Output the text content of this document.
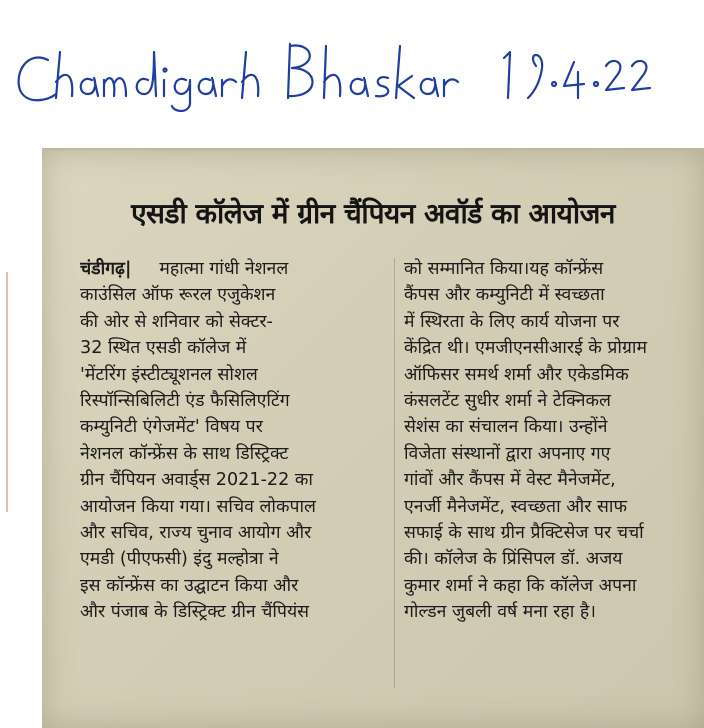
एसडी कॉलेज में ग्रीन चैंपियन अवॉर्ड का आयोजन
चंडीगढ़| महात्मा गांधी नेशनल
काउंसिल ऑफ रूरल एजुकेशन
की ओर से शनिवार को सेक्टर-
32 स्थित एसडी कॉलेज में
'मेंटरिंग इंस्टीट्यूशनल सोशल
रिस्पॉन्सिबिलिटी एंड फैसिलिएटिंग
कम्युनिटी एंगेजमेंट' विषय पर
नेशनल कॉन्फ्रेंस के साथ डिस्ट्रिक्ट
ग्रीन चैंपियन अवार्ड्स 2021-22 का
आयोजन किया गया। सचिव लोकपाल
और सचिव, राज्य चुनाव आयोग और
एमडी (पीएफसी) इंदु मल्होत्रा ने
इस कॉन्फ्रेंस का उद्घाटन किया और
और पंजाब के डिस्ट्रिक्ट ग्रीन चैंपियंस
को सम्मानित किया।यह कॉन्फ्रेंस
कैंपस और कम्युनिटी में स्वच्छता
में स्थिरता के लिए कार्य योजना पर
केंद्रित थी। एमजीएनसीआरई के प्रोग्राम
ऑफिसर समर्थ शर्मा और एकेडमिक
कंसलटेंट सुधीर शर्मा ने टेक्निकल
सेशंस का संचालन किया। उन्होंने
विजेता संस्थानों द्वारा अपनाए गए
गांवों और कैंपस में वेस्ट मैनेजमेंट,
एनर्जी मैनेजमेंट, स्वच्छता और साफ
सफाई के साथ ग्रीन प्रैक्टिसेज पर चर्चा
की। कॉलेज के प्रिंसिपल डॉ. अजय
कुमार शर्मा ने कहा कि कॉलेज अपना
गोल्डन जुबली वर्ष मना रहा है।
